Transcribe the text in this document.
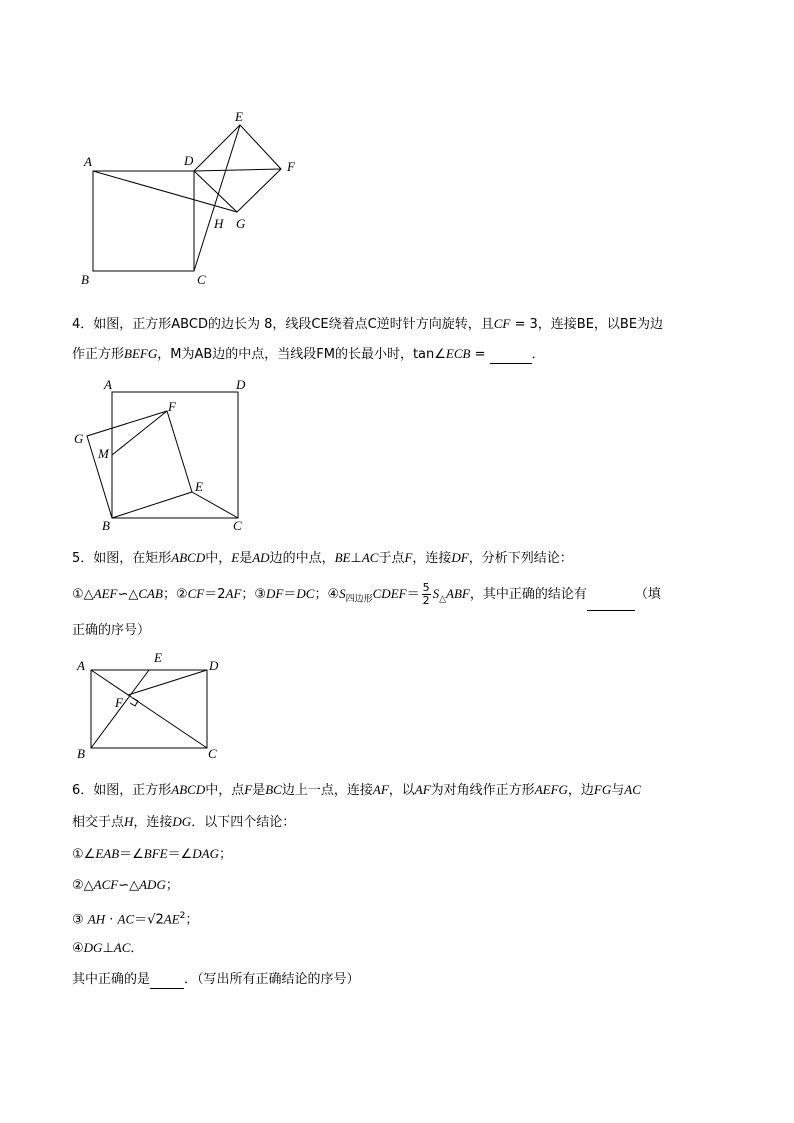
A	D
E
F
G
H
B	C
4．如图，正方形ABCD的边长为 8，线段CE绕着点C逆时针方向旋转，且CF = 3，连接BE，以BE为边
作正方形BEFG，M为AB边的中点，当线段FM的长最小时，tan∠ECB =	．
A	D
F
G
M
E
B	C
5．如图，在矩形ABCD中，E是AD边的中点，BE⊥AC于点F，连接DF，分析下列结论：
①△AEF∽△CAB；②CF＝2AF；③DF＝DC；$④S_{四边形}CDEF= \frac{5}{2} S_\triangle ABF$，其中正确的结论有	（填
正确的序号）
A
E
D
F
B	C
6．如图，正方形ABCD中，点F是BC边上一点，连接AF，以AF为对角线作正方形AEFG，边FG与AC
相交于点H，连接DG．以下四个结论：
①∠EAB＝∠BFE＝∠DAG；
②△ACF∽△ADG；
③ AH · $AC=√2AE^2$；
④DG⊥AC．
其中正确的是	．（写出所有正确结论的序号）
